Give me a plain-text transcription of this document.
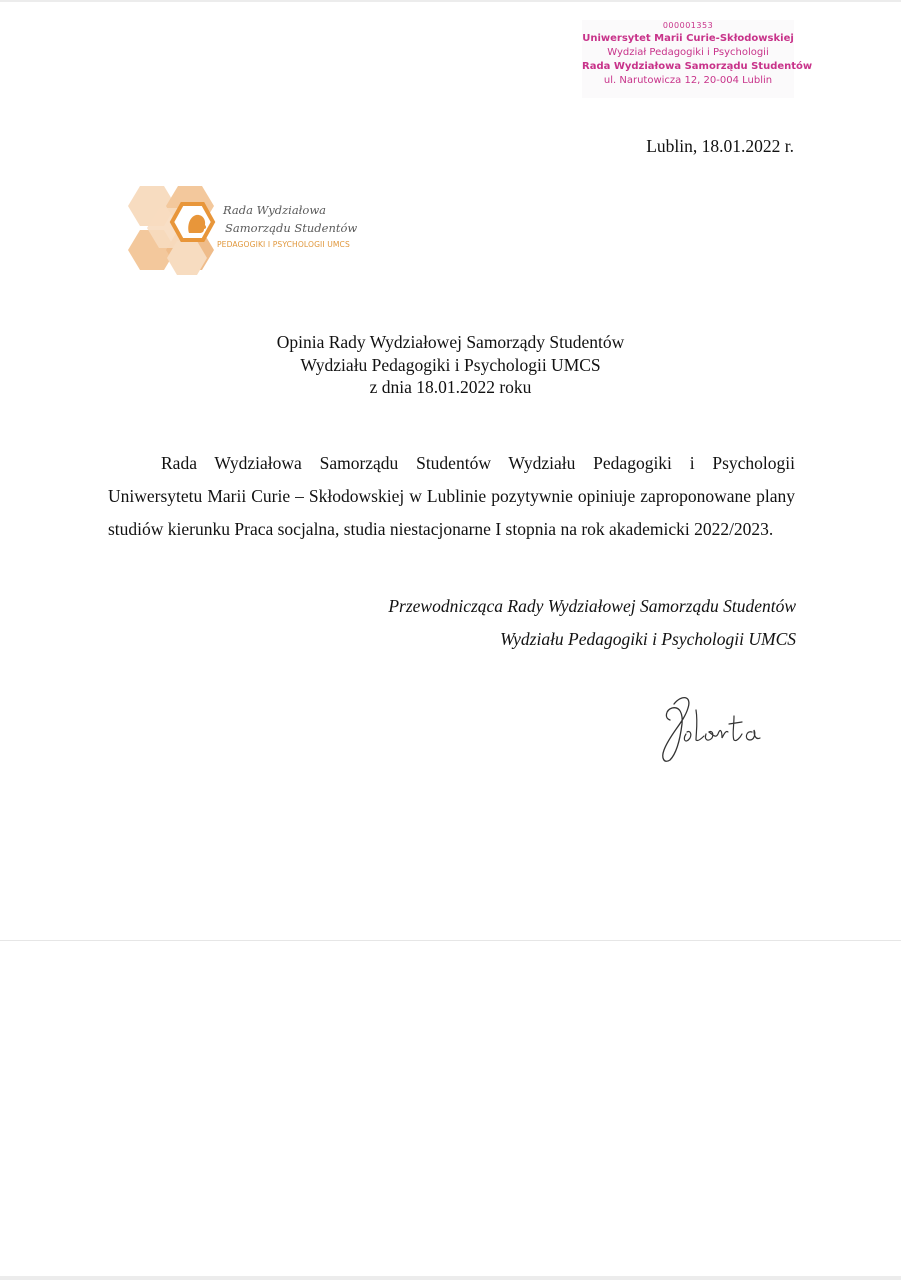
000001353
Uniwersytet Marii Curie-Skłodowskiej
Wydział Pedagogiki i Psychologii
Rada Wydziałowa Samorządu Studentów
ul. Narutowicza 12, 20-004 Lublin
Lublin, 18.01.2022 r.
Rada Wydziałowa
Samorządu Studentów
PEDAGOGIKI I PSYCHOLOGII UMCS
Opinia Rady Wydziałowej Samorządy Studentów
Wydziału Pedagogiki i Psychologii UMCS
z dnia 18.01.2022 roku

Rada Wydziałowa Samorządu Studentów Wydziału Pedagogiki i Psychologii Uniwersytetu Marii Curie – Skłodowskiej w Lublinie pozytywnie opiniuje zaproponowane plany studiów kierunku Praca socjalna, studia niestacjonarne I stopnia na rok akademicki 2022/2023.

Przewodnicząca Rady Wydziałowej Samorządu Studentów
Wydziału Pedagogiki i Psychologii UMCS
